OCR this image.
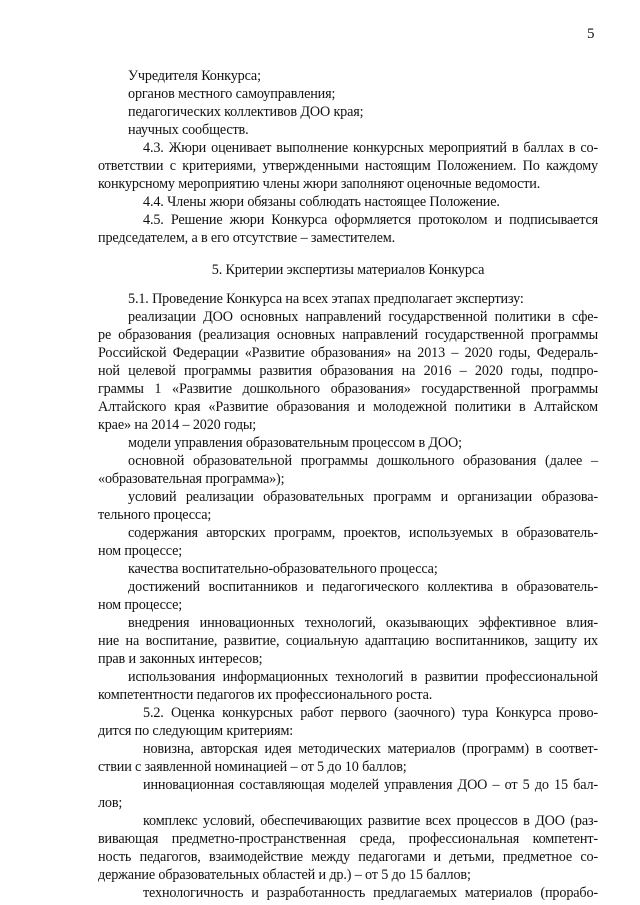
5
Учредителя Конкурса;
органов местного самоуправления;
педагогических коллективов ДОО края;
научных сообществ.
4.3. Жюри оценивает выполнение конкурсных мероприятий в баллах в со-
ответствии с критериями, утвержденными настоящим Положением. По каждому
конкурсному мероприятию члены жюри заполняют оценочные ведомости.
4.4. Члены жюри обязаны соблюдать настоящее Положение.
4.5. Решение жюри Конкурса оформляется протоколом и подписывается
председателем, а в его отсутствие – заместителем.
5. Критерии экспертизы материалов Конкурса
5.1. Проведение Конкурса на всех этапах предполагает экспертизу:
реализации ДОО основных направлений государственной политики в сфе-
ре образования (реализация основных направлений государственной программы
Российской Федерации «Развитие образования» на 2013 – 2020 годы, Федераль-
ной целевой программы развития образования на 2016 – 2020 годы, подпро-
граммы 1 «Развитие дошкольного образования» государственной программы
Алтайского края «Развитие образования и молодежной политики в Алтайском
крае» на 2014 – 2020 годы;
модели управления образовательным процессом в ДОО;
основной образовательной программы дошкольного образования (далее –
«образовательная программа»);
условий реализации образовательных программ и организации образова-
тельного процесса;
содержания авторских программ, проектов, используемых в образователь-
ном процессе;
качества воспитательно-образовательного процесса;
достижений воспитанников и педагогического коллектива в образователь-
ном процессе;
внедрения инновационных технологий, оказывающих эффективное влия-
ние на воспитание, развитие, социальную адаптацию воспитанников, защиту их
прав и законных интересов;
использования информационных технологий в развитии профессиональной
компетентности педагогов их профессионального роста.
5.2. Оценка конкурсных работ первого (заочного) тура Конкурса прово-
дится по следующим критериям:
новизна, авторская идея методических материалов (программ) в соответ-
ствии с заявленной номинацией – от 5 до 10 баллов;
инновационная составляющая моделей управления ДОО – от 5 до 15 бал-
лов;
комплекс условий, обеспечивающих развитие всех процессов в ДОО (раз-
вивающая предметно-пространственная среда, профессиональная компетент-
ность педагогов, взаимодействие между педагогами и детьми, предметное со-
держание образовательных областей и др.) – от 5 до 15 баллов;
технологичность и разработанность предлагаемых материалов (прорабо-
